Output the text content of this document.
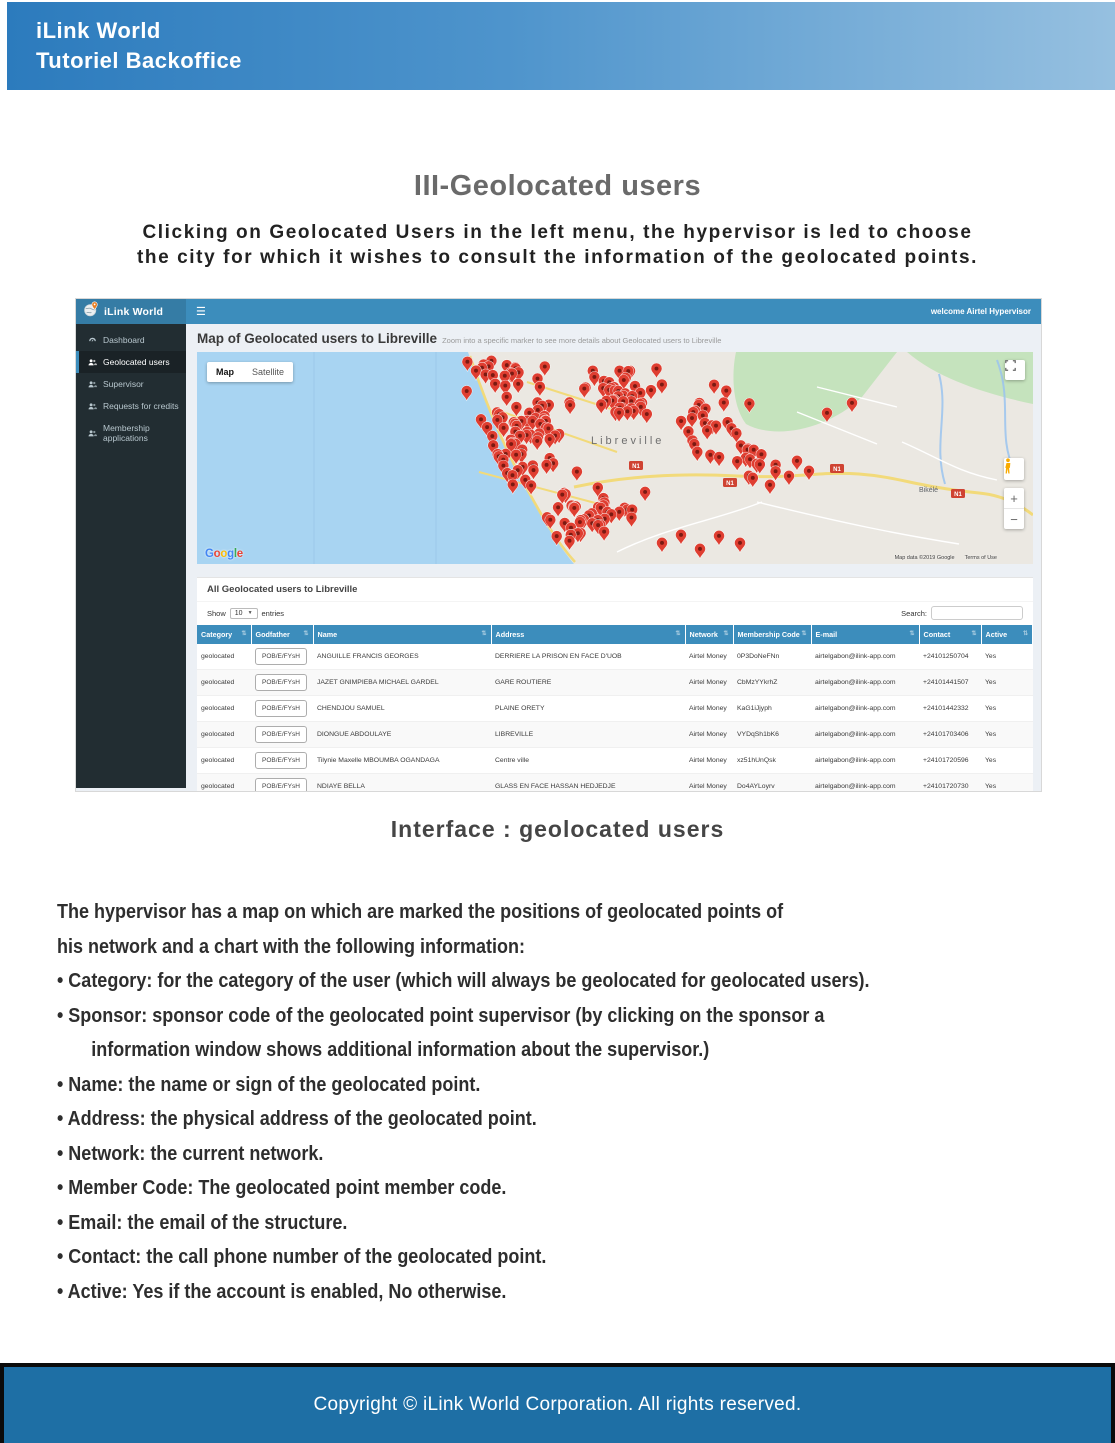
iLink World
Tutoriel Backoffice
III-Geolocated users
Clicking on Geolocated Users in the left menu, the hypervisor is led to choose
the city for which it wishes to consult the information of the geolocated points.
iLink World	☰	welcome Airtel Hypervisor
Dashboard
Geolocated users
Supervisor
Requests for credits
Membership applications
Map of Geolocated users to Libreville Zoom into a specific marker to see more details about Geolocated users to Libreville
Libreville
Bikélé
N1
N1
N1
N1
Map	Satellite
+
−
Google	Map data ©2019 Google Terms of Use
All Geolocated users to Libreville
Show 10 ▼ entries	Search:
Category ⇅	Godfather ⇅	Name ⇅	Address ⇅	Network ⇅	Membership Code ⇅	E-mail ⇅	Contact ⇅	Active ⇅

geolocated	POB/E/FYsH	ANGUILLE FRANCIS GEORGES	DERRIERE LA PRISON EN FACE D'UOB	Airtel Money	0P3DoNeFNn	airtelgabon@ilink-app.com	+24101250704	Yes
geolocated	POB/E/FYsH	JAZET GNIMPIEBA MICHAEL GARDEL	GARE ROUTIERE	Airtel Money	CbMzYYkrhZ	airtelgabon@ilink-app.com	+24101441507	Yes
geolocated	POB/E/FYsH	CHENDJOU SAMUEL	PLAINE ORETY	Airtel Money	KaG1iJjyph	airtelgabon@ilink-app.com	+24101442332	Yes
geolocated	POB/E/FYsH	DIONGUE ABDOULAYE	LIBREVILLE	Airtel Money	VYDqSh1bK6	airtelgabon@ilink-app.com	+24101703406	Yes
geolocated	POB/E/FYsH	Tilynie Maxelle MBOUMBA OGANDAGA	Centre ville	Airtel Money	xz51hUnQsk	airtelgabon@ilink-app.com	+24101720596	Yes
geolocated	POB/E/FYsH	NDIAYE BELLA	GLASS EN FACE HASSAN HEDJEDJE	Airtel Money	Do4AYLoyrv	airtelgabon@ilink-app.com	+24101720730	Yes
Interface : geolocated users
The hypervisor has a map on which are marked the positions of geolocated points of
his network and a chart with the following information:
• Category: for the category of the user (which will always be geolocated for geolocated users).
• Sponsor: sponsor code of the geolocated point supervisor (by clicking on the sponsor a
information window shows additional information about the supervisor.)
• Name: the name or sign of the geolocated point.
• Address: the physical address of the geolocated point.
• Network: the current network.
• Member Code: The geolocated point member code.
• Email: the email of the structure.
• Contact: the call phone number of the geolocated point.
• Active: Yes if the account is enabled, No otherwise.
Copyright © iLink World Corporation. All rights reserved.
